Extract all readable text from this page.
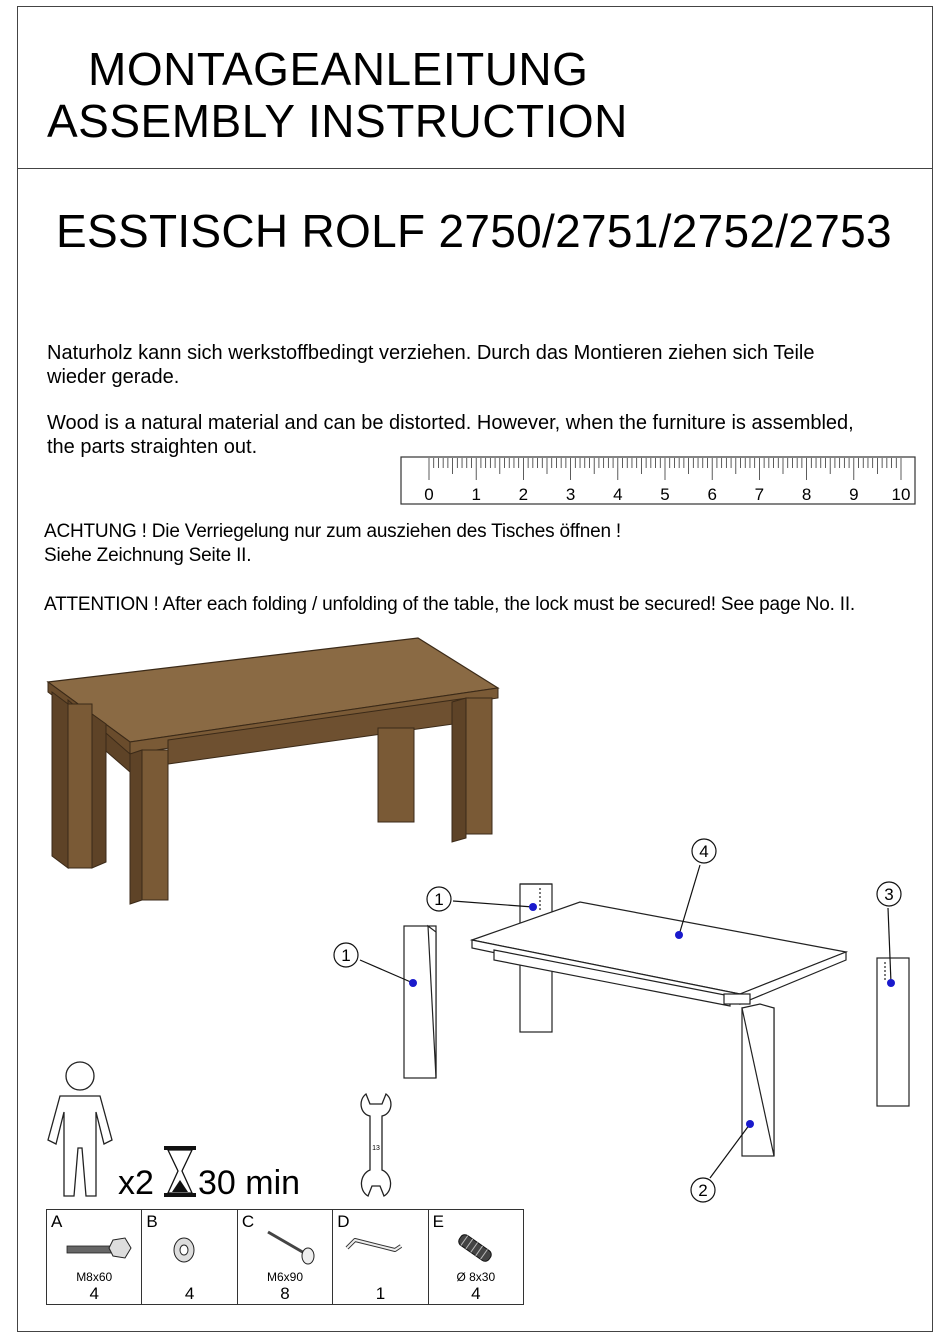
MONTAGEANLEITUNG
ASSEMBLY INSTRUCTION
ESSTISCH ROLF 2750/2751/2752/2753
Naturholz kann sich werkstoffbedingt verziehen. Durch das Montieren ziehen sich Teile
wieder gerade.
Wood is a natural material and can be distorted. However, when the furniture is assembled,
the parts straighten out.
ACHTUNG ! Die Verriegelung nur zum ausziehen des Tisches öffnen !
Siehe Zeichnung Seite II.
ATTENTION ! After each folding / unfolding of the table, the lock must be secured! See page No. II.
0 1 2 3 4 5 6 7 8 9 10
1
1
4
3
2
13
x2 30 min
A
M8x60
4
B
4
C
M6x90
8
D
1
E
Ø 8x30
4
